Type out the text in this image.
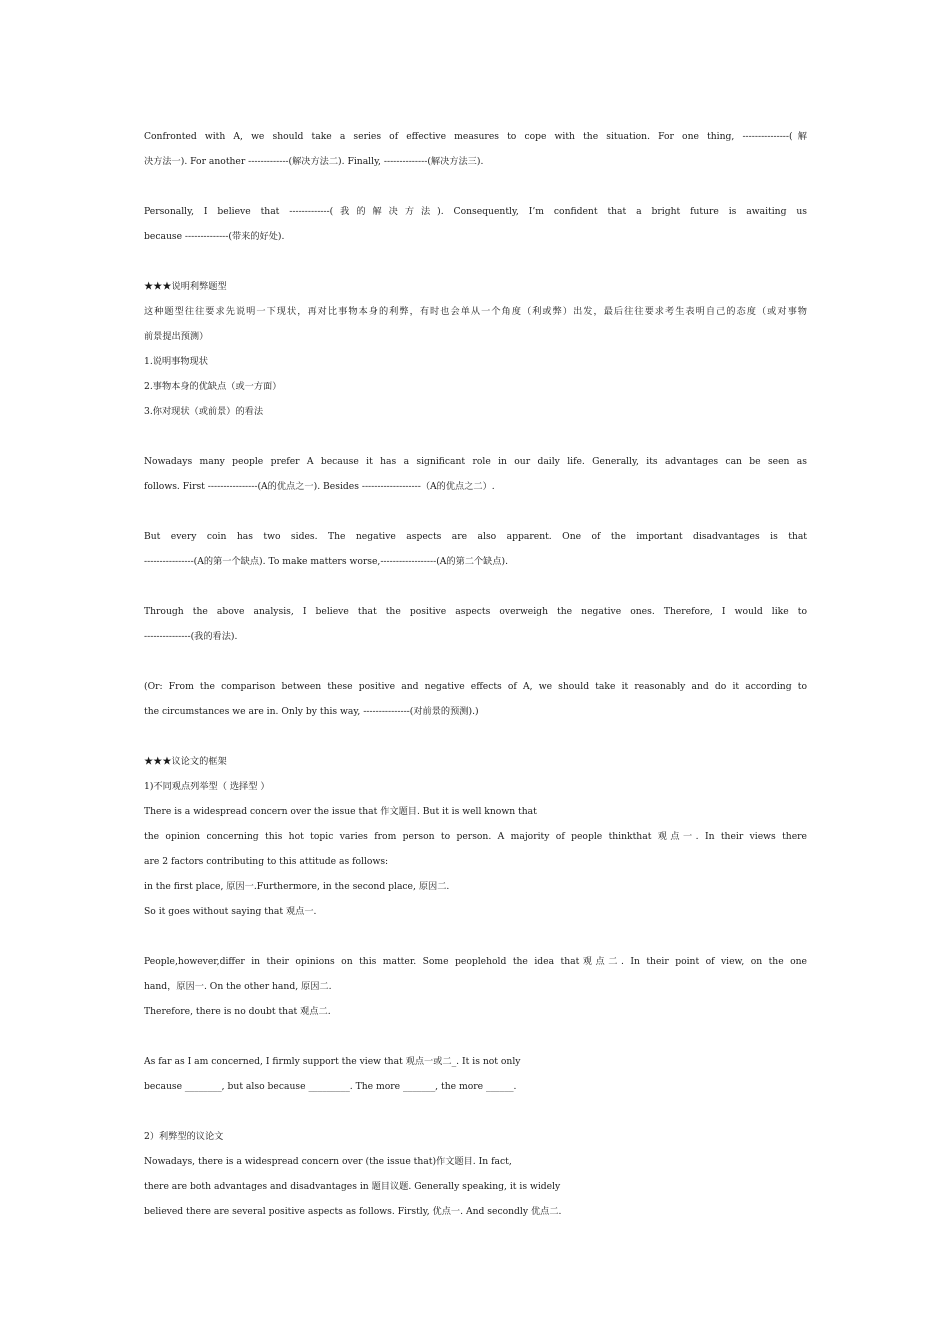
Confronted with A, we should take a series of effective measures to cope with the situation. For one thing, ---------------(解
决方法一). For another -------------(解决方法二). Finally, --------------(解决方法三).
Personally, I believe that -------------(我的解决方法). Consequently, I’m confident that a bright future is awaiting us
because --------------(带来的好处).
★★★说明利弊题型
这种题型往往要求先说明一下现状，再对比事物本身的利弊，有时也会单从一个角度（利或弊）出发，最后往往要求考生表明自己的态度（或对事物
前景提出预测）
1.说明事物现状
2.事物本身的优缺点（或一方面）
3.你对现状（或前景）的看法
Nowadays many people prefer A because it has a significant role in our daily life. Generally, its advantages can be seen as
follows. First ----------------(A的优点之一). Besides -------------------（A的优点之二）.
But every coin has two sides. The negative aspects are also apparent. One of the important disadvantages is that
----------------(A的第一个缺点). To make matters worse,------------------(A的第二个缺点).
Through the above analysis, I believe that the positive aspects overweigh the negative ones. Therefore, I would like to
---------------(我的看法).
(Or: From the comparison between these positive and negative effects of A, we should take it reasonably and do it according to
the circumstances we are in. Only by this way, ---------------(对前景的预测).)
★★★议论文的框架
1)不同观点列举型（ 选择型 ）
There is a widespread concern over the issue that 作文题目. But it is well known that
the opinion concerning this hot topic varies from person to person. A majority of people thinkthat 观点一. In their views there
are 2 factors contributing to this attitude as follows:
in the first place, 原因一.Furthermore, in the second place, 原因二.
So it goes without saying that 观点一.
People,however,differ in their opinions on this matter. Some peoplehold the idea that观点二. In their point of view, on the one
hand，原因一. On the other hand, 原因二.
Therefore, there is no doubt that 观点二.
As far as I am concerned, I firmly support the view that 观点一或二_. It is not only
because ________, but also because _________. The more _______, the more ______.
2）利弊型的议论文
Nowadays, there is a widespread concern over (the issue that)作文题目. In fact,
there are both advantages and disadvantages in 题目议题. Generally speaking, it is widely
believed there are several positive aspects as follows. Firstly, 优点一. And secondly 优点二.
